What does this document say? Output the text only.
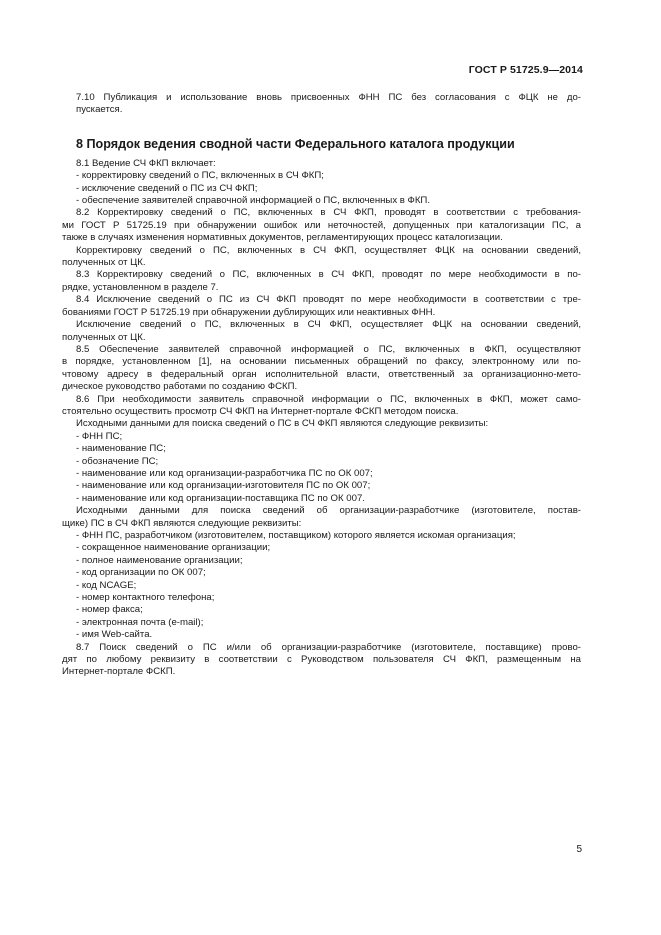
ГОСТ Р 51725.9—2014

7.10 Публикация и использование вновь присвоенных ФНН ПС без согласования с ФЦК не до-

пускается.

8 Порядок ведения сводной части Федерального каталога продукции

8.1 Ведение СЧ ФКП включает:

- корректировку сведений о ПС, включенных в СЧ ФКП;

- исключение сведений о ПС из СЧ ФКП;

- обеспечение заявителей справочной информацией о ПС, включенных в ФКП.

8.2 Корректировку сведений о ПС, включенных в СЧ ФКП, проводят в соответствии с требования-

ми ГОСТ Р 51725.19 при обнаружении ошибок или неточностей, допущенных при каталогизации ПС, а

также в случаях изменения нормативных документов, регламентирующих процесс каталогизации.

Корректировку сведений о ПС, включенных в СЧ ФКП, осуществляет ФЦК на основании сведений,

полученных от ЦК.

8.3 Корректировку сведений о ПС, включенных в СЧ ФКП, проводят по мере необходимости в по-

рядке, установленном в разделе 7.

8.4 Исключение сведений о ПС из СЧ ФКП проводят по мере необходимости в соответствии с тре-

бованиями ГОСТ Р 51725.19 при обнаружении дублирующих или неактивных ФНН.

Исключение сведений о ПС, включенных в СЧ ФКП, осуществляет ФЦК на основании сведений,

полученных от ЦК.

8.5 Обеспечение заявителей справочной информацией о ПС, включенных в ФКП, осуществляют

в порядке, установленном [1], на основании письменных обращений по факсу, электронному или по-

чтовому адресу в федеральный орган исполнительной власти, ответственный за организационно-мето-

дическое руководство работами по созданию ФСКП.

8.6 При необходимости заявитель справочной информации о ПС, включенных в ФКП, может само-

стоятельно осуществить просмотр СЧ ФКП на Интернет-портале ФСКП методом поиска.

Исходными данными для поиска сведений о ПС в СЧ ФКП являются следующие реквизиты:

- ФНН ПС;

- наименование ПС;

- обозначение ПС;

- наименование или код организации-разработчика ПС по ОК 007;

- наименование или код организации-изготовителя ПС по ОК 007;

- наименование или код организации-поставщика ПС по ОК 007.

Исходными данными для поиска сведений об организации-разработчике (изготовителе, постав-

щике) ПС в СЧ ФКП являются следующие реквизиты:

- ФНН ПС, разработчиком (изготовителем, поставщиком) которого является искомая организация;

- сокращенное наименование организации;

- полное наименование организации;

- код организации по ОК 007;

- код NCAGE;

- номер контактного телефона;

- номер факса;

- электронная почта (e-mail);

- имя Web-сайта.

8.7 Поиск сведений о ПС и/или об организации-разработчике (изготовителе, поставщике) прово-

дят по любому реквизиту в соответствии с Руководством пользователя СЧ ФКП, размещенным на

Интернет-портале ФСКП.

5
